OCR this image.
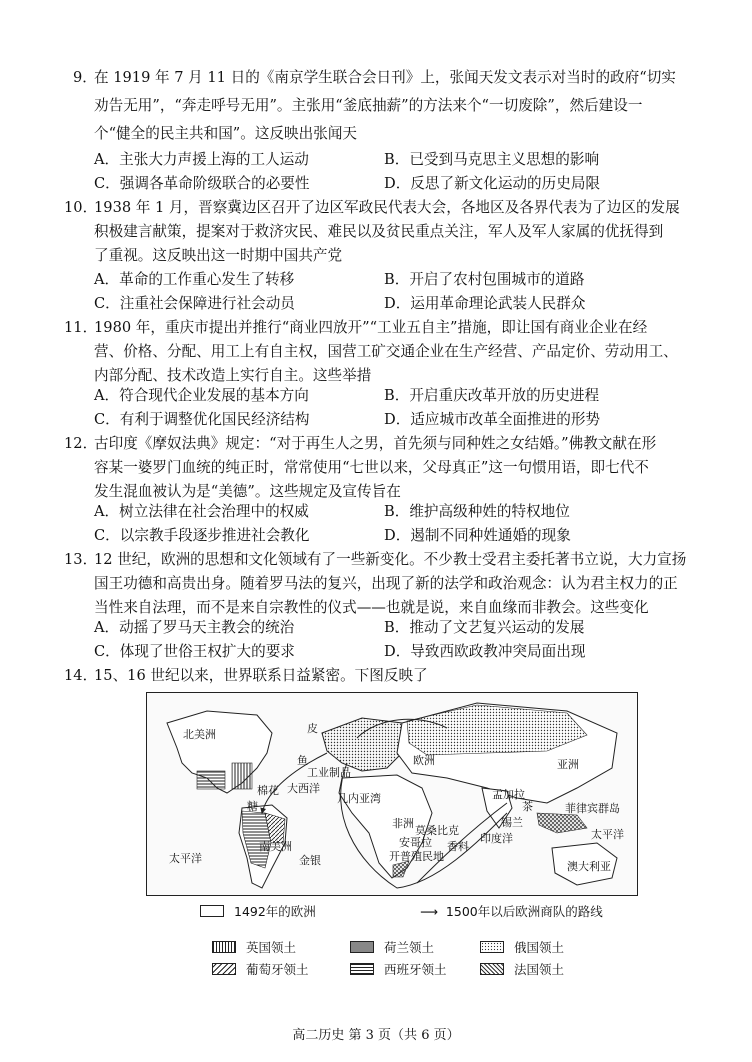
9．
在 1919 年 7 月 11 日的《南京学生联合会日刊》上，张闻天发文表示对当时的政府“切实
劝告无用”，“奔走呼号无用”。主张用“釜底抽薪”的方法来个“一切废除”，然后建设一
个“健全的民主共和国”。这反映出张闻天
A．主张大力声援上海的工人运动	B．已受到马克思主义思想的影响
C．强调各革命阶级联合的必要性	D．反思了新文化运动的历史局限
10．
1938 年 1 月，晋察冀边区召开了边区军政民代表大会，各地区及各界代表为了边区的发展
积极建言献策，提案对于救济灾民、难民以及贫民重点关注，军人及军人家属的优抚得到
了重视。这反映出这一时期中国共产党
A．革命的工作重心发生了转移	B．开启了农村包围城市的道路
C．注重社会保障进行社会动员	D．运用革命理论武装人民群众
11．
1980 年，重庆市提出并推行“商业四放开”“工业五自主”措施，即让国有商业企业在经
营、价格、分配、用工上有自主权，国营工矿交通企业在生产经营、产品定价、劳动用工、
内部分配、技术改造上实行自主。这些举措
A．符合现代企业发展的基本方向	B．开启重庆改革开放的历史进程
C．有利于调整优化国民经济结构	D．适应城市改革全面推进的形势
12．
古印度《摩奴法典》规定：“对于再生人之男，首先须与同种姓之女结婚。”佛教文献在形
容某一婆罗门血统的纯正时，常常使用“七世以来，父母真正”这一句惯用语，即七代不
发生混血被认为是“美德”。这些规定及宣传旨在
A．树立法律在社会治理中的权威	B．维护高级种姓的特权地位
C．以宗教手段逐步推进社会教化	D．遏制不同种姓通婚的现象
13．
12 世纪，欧洲的思想和文化领域有了一些新变化。不少教士受君主委托著书立说，大力宣扬
国王功德和高贵出身。随着罗马法的复兴，出现了新的法学和政治观念：认为君主权力的正
当性来自法理，而不是来自宗教性的仪式——也就是说，来自血缘而非教会。这些变化
A．动摇了罗马天主教会的统治	B．推动了文艺复兴运动的发展
C．体现了世俗王权扩大的要求	D．导致西欧政教冲突局面出现
14．
15、16 世纪以来，世界联系日益紧密。下图反映了
北美洲
大西洋
棉花
鱼
皮
工业制品
几内亚湾
非洲
南美洲
太平洋	金银
莫桑比克
安哥拉
开普殖民地
香料
印度洋
欧洲	亚洲
孟加拉
锡兰
菲律宾群岛
太平洋
澳大利亚
茶
糖
1492年的欧洲	⟶ 1500年以后欧洲商队的路线
英国领土	荷兰领土	俄国领土
葡萄牙领土	西班牙领土	法国领土
高二历史 第 3 页（共 6 页）
